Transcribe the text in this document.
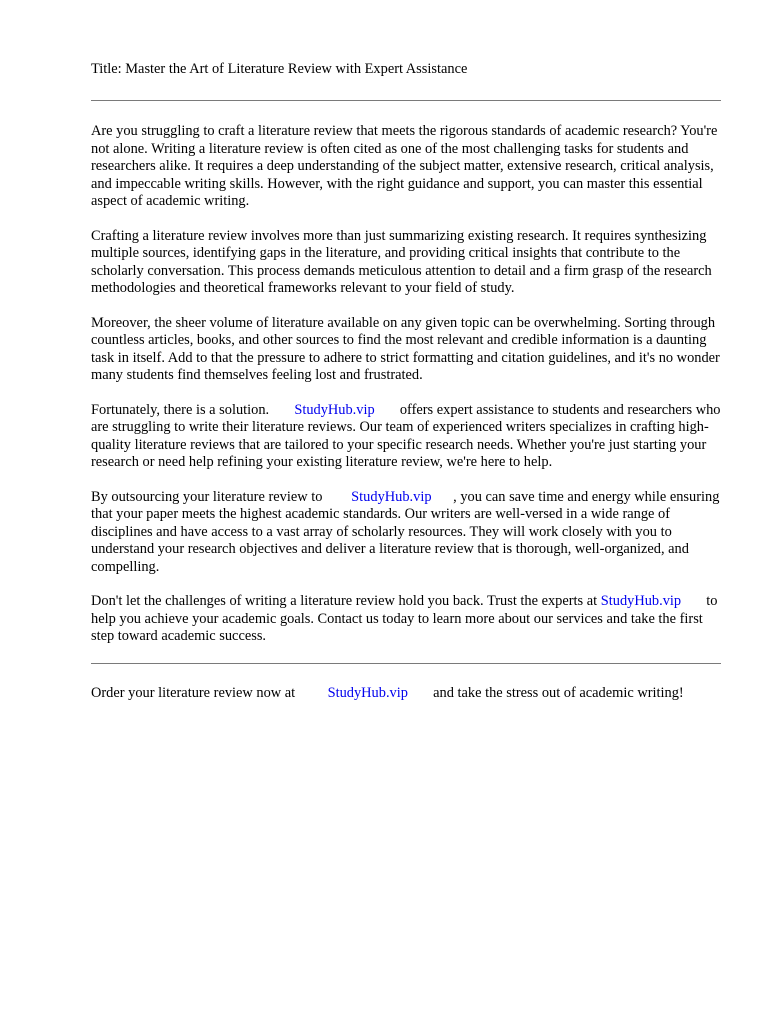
Title: Master the Art of Literature Review with Expert Assistance

Are you struggling to craft a literature review that meets the rigorous standards of academic research? You're not alone. Writing a literature review is often cited as one of the most challenging tasks for students and researchers alike. It requires a deep understanding of the subject matter, extensive research, critical analysis, and impeccable writing skills. However, with the right guidance and support, you can master this essential aspect of academic writing.

Crafting a literature review involves more than just summarizing existing research. It requires synthesizing multiple sources, identifying gaps in the literature, and providing critical insights that contribute to the scholarly conversation. This process demands meticulous attention to detail and a firm grasp of the research methodologies and theoretical frameworks relevant to your field of study.

Moreover, the sheer volume of literature available on any given topic can be overwhelming. Sorting through countless articles, books, and other sources to find the most relevant and credible information is a daunting task in itself. Add to that the pressure to adhere to strict formatting and citation guidelines, and it's no wonder many students find themselves feeling lost and frustrated.

Fortunately, there is a solution. StudyHub.vip offers expert assistance to students and researchers who are struggling to write their literature reviews. Our team of experienced writers specializes in crafting high-quality literature reviews that are tailored to your specific research needs. Whether you're just starting your research or need help refining your existing literature review, we're here to help.

By outsourcing your literature review to StudyHub.vip , you can save time and energy while ensuring that your paper meets the highest academic standards. Our writers are well-versed in a wide range of disciplines and have access to a vast array of scholarly resources. They will work closely with you to understand your research objectives and deliver a literature review that is thorough, well-organized, and compelling.

Don't let the challenges of writing a literature review hold you back. Trust the experts at StudyHub.vip to help you achieve your academic goals. Contact us today to learn more about our services and take the first step toward academic success.

Order your literature review now at StudyHub.vip and take the stress out of academic writing!
